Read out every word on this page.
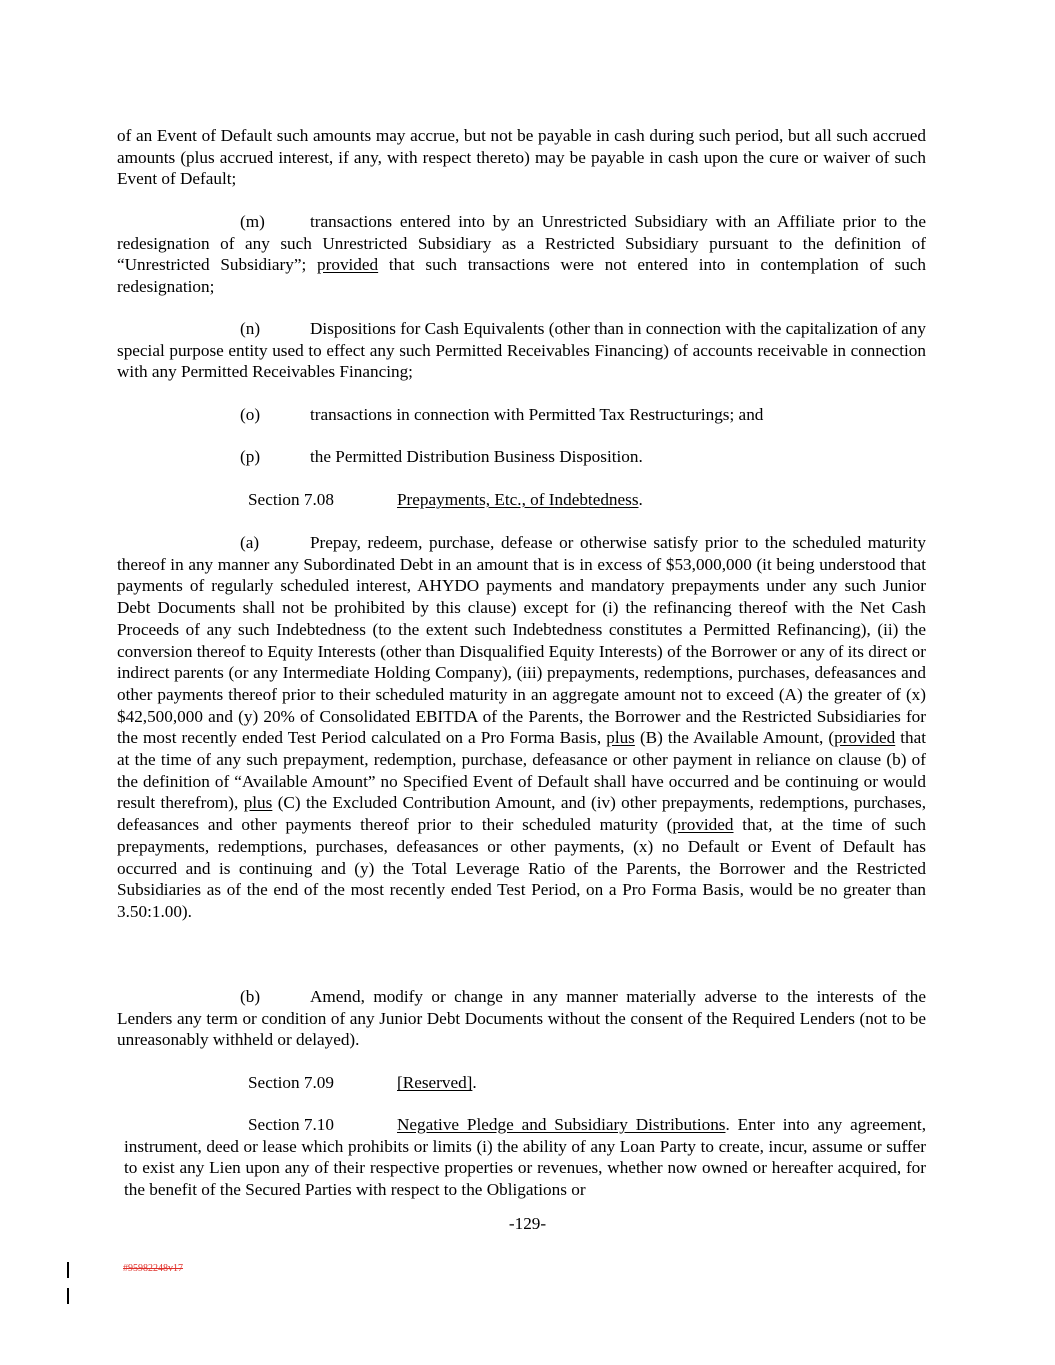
of an Event of Default such amounts may accrue, but not be payable in cash during such period, but all such accrued amounts (plus accrued interest, if any, with respect thereto) may be payable in cash upon the cure or waiver of such Event of Default;

(m)	transactions entered into by an Unrestricted Subsidiary with an Affiliate prior to the redesignation of any such Unrestricted Subsidiary as a Restricted Subsidiary pursuant to the definition of “Unrestricted Subsidiary”; provided that such transactions were not entered into in contemplation of such redesignation;

(n)	Dispositions for Cash Equivalents (other than in connection with the capitalization of any special purpose entity used to effect any such Permitted Receivables Financing) of accounts receivable in connection with any Permitted Receivables Financing;

(o)	transactions in connection with Permitted Tax Restructurings; and

(p)	the Permitted Distribution Business Disposition.

Section 7.08	Prepayments, Etc., of Indebtedness.

(a)	Prepay, redeem, purchase, defease or otherwise satisfy prior to the scheduled maturity thereof in any manner any Subordinated Debt in an amount that is in excess of $53,000,000 (it being understood that payments of regularly scheduled interest, AHYDO payments and mandatory prepayments under any such Junior Debt Documents shall not be prohibited by this clause) except for (i) the refinancing thereof with the Net Cash Proceeds of any such Indebtedness (to the extent such Indebtedness constitutes a Permitted Refinancing), (ii) the conversion thereof to Equity Interests (other than Disqualified Equity Interests) of the Borrower or any of its direct or indirect parents (or any Intermediate Holding Company), (iii) prepayments, redemptions, purchases, defeasances and other payments thereof prior to their scheduled maturity in an aggregate amount not to exceed (A) the greater of (x) $42,500,000 and (y) 20% of Consolidated EBITDA of the Parents, the Borrower and the Restricted Subsidiaries for the most recently ended Test Period calculated on a Pro Forma Basis, plus (B) the Available Amount, (provided that at the time of any such prepayment, redemption, purchase, defeasance or other payment in reliance on clause (b) of the definition of “Available Amount” no Specified Event of Default shall have occurred and be continuing or would result therefrom), plus (C) the Excluded Contribution Amount, and (iv) other prepayments, redemptions, purchases, defeasances and other payments thereof prior to their scheduled maturity (provided that, at the time of such prepayments, redemptions, purchases, defeasances or other payments, (x) no Default or Event of Default has occurred and is continuing and (y) the Total Leverage Ratio of the Parents, the Borrower and the Restricted Subsidiaries as of the end of the most recently ended Test Period, on a Pro Forma Basis, would be no greater than 3.50:1.00).

(b)	Amend, modify or change in any manner materially adverse to the interests of the Lenders any term or condition of any Junior Debt Documents without the consent of the Required Lenders (not to be unreasonably withheld or delayed).

Section 7.09	[Reserved].

Section 7.10	Negative Pledge and Subsidiary Distributions. Enter into any agreement, instrument, deed or lease which prohibits or limits (i) the ability of any Loan Party to create, incur, assume or suffer to exist any Lien upon any of their respective properties or revenues, whether now owned or hereafter acquired, for the benefit of the Secured Parties with respect to the Obligations or

-129-
#95982248v17
